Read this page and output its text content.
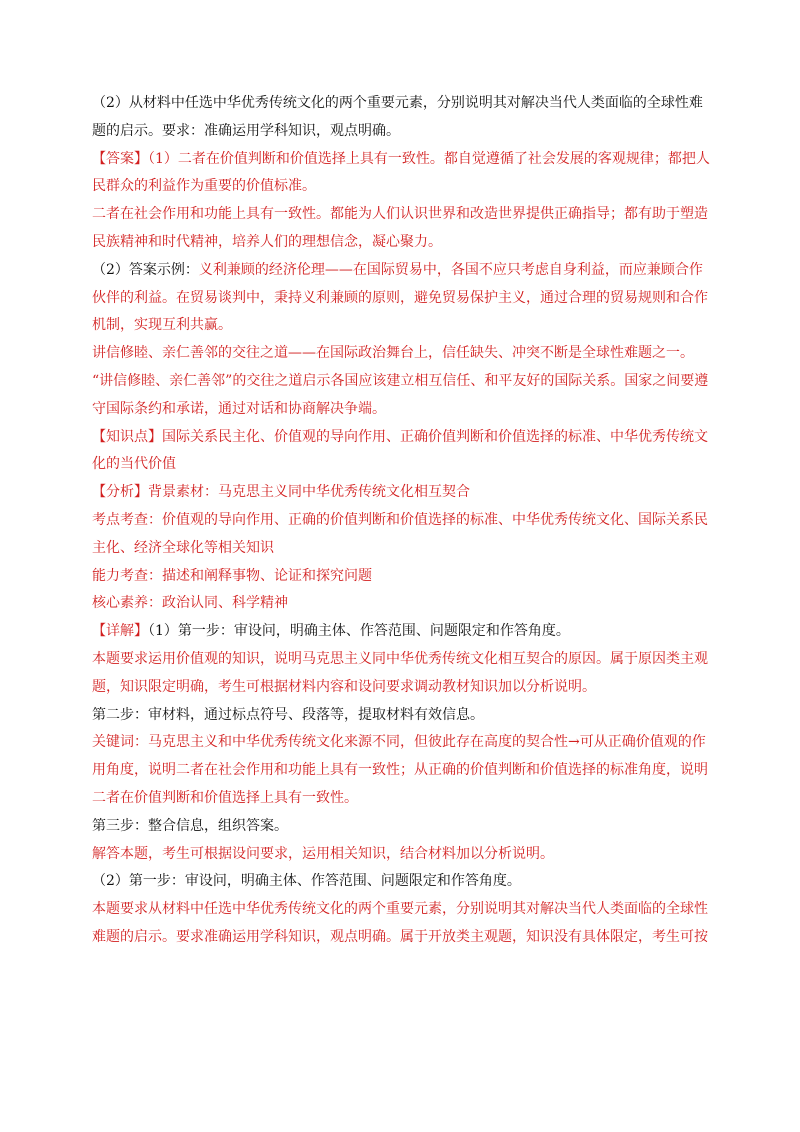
（2）从材料中任选中华优秀传统文化的两个重要元素，分别说明其对解决当代人类面临的全球性难题的启示。要求：准确运用学科知识，观点明确。

【答案】（1）二者在价值判断和价值选择上具有一致性。都自觉遵循了社会发展的客观规律；都把人民群众的利益作为重要的价值标准。

二者在社会作用和功能上具有一致性。都能为人们认识世界和改造世界提供正确指导；都有助于塑造民族精神和时代精神，培养人们的理想信念，凝心聚力。

（2）答案示例：义利兼顾的经济伦理——在国际贸易中，各国不应只考虑自身利益，而应兼顾合作伙伴的利益。在贸易谈判中，秉持义利兼顾的原则，避免贸易保护主义，通过合理的贸易规则和合作机制，实现互利共赢。

讲信修睦、亲仁善邻的交往之道——在国际政治舞台上，信任缺失、冲突不断是全球性难题之一。

“讲信修睦、亲仁善邻”的交往之道启示各国应该建立相互信任、和平友好的国际关系。国家之间要遵守国际条约和承诺，通过对话和协商解决争端。

【知识点】国际关系民主化、价值观的导向作用、正确价值判断和价值选择的标准、中华优秀传统文化的当代价值

【分析】背景素材：马克思主义同中华优秀传统文化相互契合

考点考查：价值观的导向作用、正确的价值判断和价值选择的标准、中华优秀传统文化、国际关系民主化、经济全球化等相关知识

能力考查：描述和阐释事物、论证和探究问题

核心素养：政治认同、科学精神

【详解】（1）第一步：审设问，明确主体、作答范围、问题限定和作答角度。

本题要求运用价值观的知识，说明马克思主义同中华优秀传统文化相互契合的原因。属于原因类主观题，知识限定明确，考生可根据材料内容和设问要求调动教材知识加以分析说明。

第二步：审材料，通过标点符号、段落等，提取材料有效信息。

关键词：马克思主义和中华优秀传统文化来源不同，但彼此存在高度的契合性→可从正确价值观的作用角度，说明二者在社会作用和功能上具有一致性；从正确的价值判断和价值选择的标准角度，说明二者在价值判断和价值选择上具有一致性。

第三步：整合信息，组织答案。

解答本题，考生可根据设问要求，运用相关知识，结合材料加以分析说明。

（2）第一步：审设问，明确主体、作答范围、问题限定和作答角度。

本题要求从材料中任选中华优秀传统文化的两个重要元素，分别说明其对解决当代人类面临的全球性难题的启示。要求准确运用学科知识，观点明确。属于开放类主观题，知识没有具体限定，考生可按
